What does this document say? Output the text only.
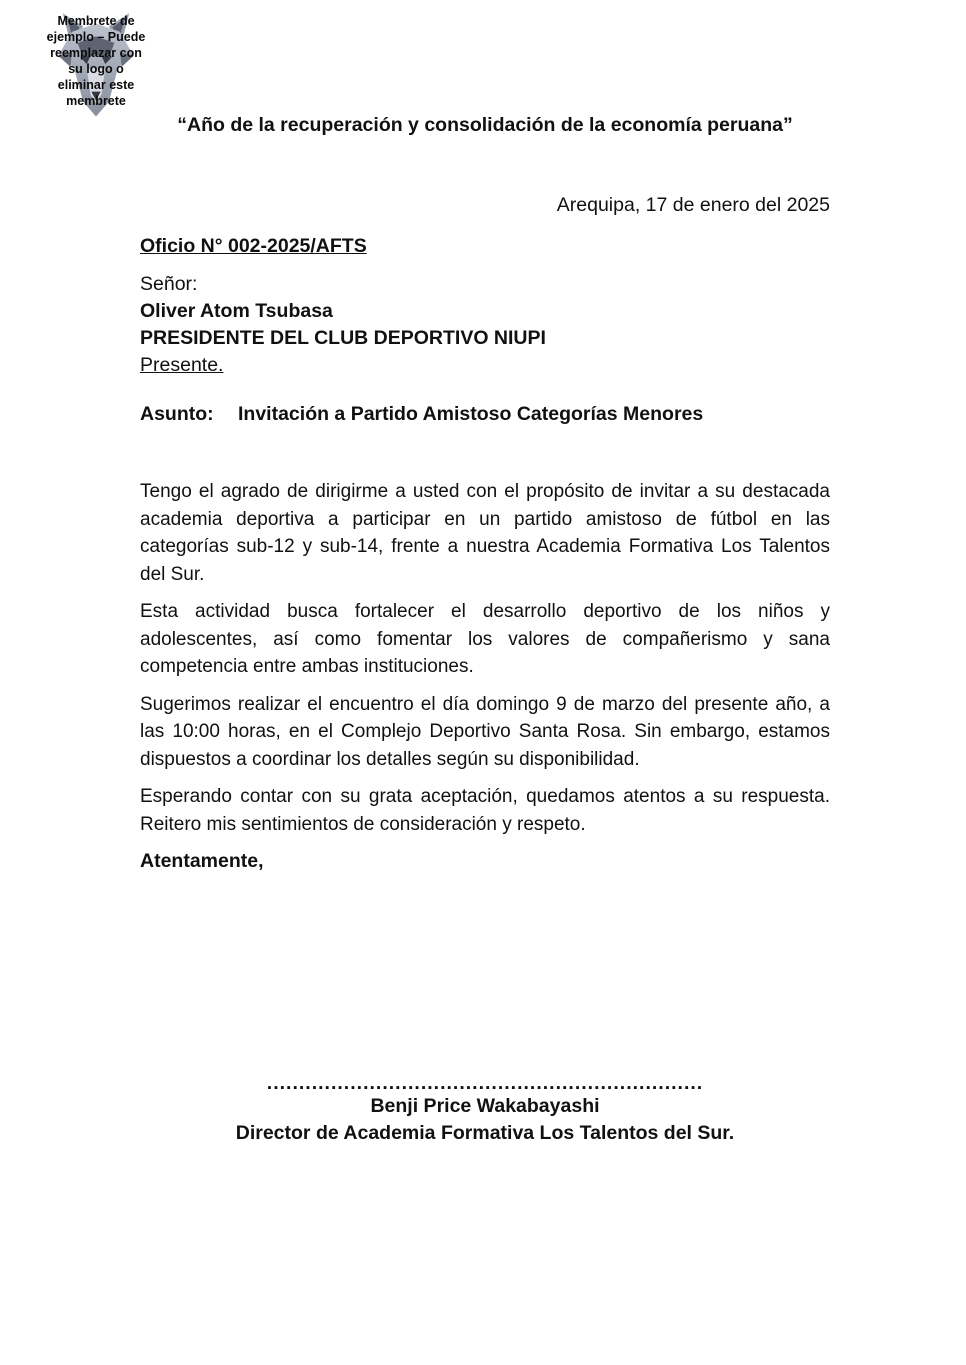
Membrete de
ejemplo – Puede
reemplazar con
su logo o
eliminar este
membrete
“Año de la recuperación y consolidación de la economía peruana”
Arequipa, 17 de enero del 2025
Oficio N° 002-2025/AFTS
Señor:
Oliver Atom Tsubasa
PRESIDENTE DEL CLUB DEPORTIVO NIUPI
Presente.
Asunto:	Invitación a Partido Amistoso Categorías Menores

Tengo el agrado de dirigirme a usted con el propósito de invitar a su destacada academia deportiva a participar en un partido amistoso de fútbol en las categorías sub-12 y sub-14, frente a nuestra Academia Formativa Los Talentos del Sur.

Esta actividad busca fortalecer el desarrollo deportivo de los niños y adolescentes, así como fomentar los valores de compañerismo y sana competencia entre ambas instituciones.

Sugerimos realizar el encuentro el día domingo 9 de marzo del presente año, a las 10:00 horas, en el Complejo Deportivo Santa Rosa. Sin embargo, estamos dispuestos a coordinar los detalles según su disponibilidad.

Esperando contar con su grata aceptación, quedamos atentos a su respuesta. Reitero mis sentimientos de consideración y respeto.

Atentamente,
....................................................................
Benji Price Wakabayashi
Director de Academia Formativa Los Talentos del Sur.
